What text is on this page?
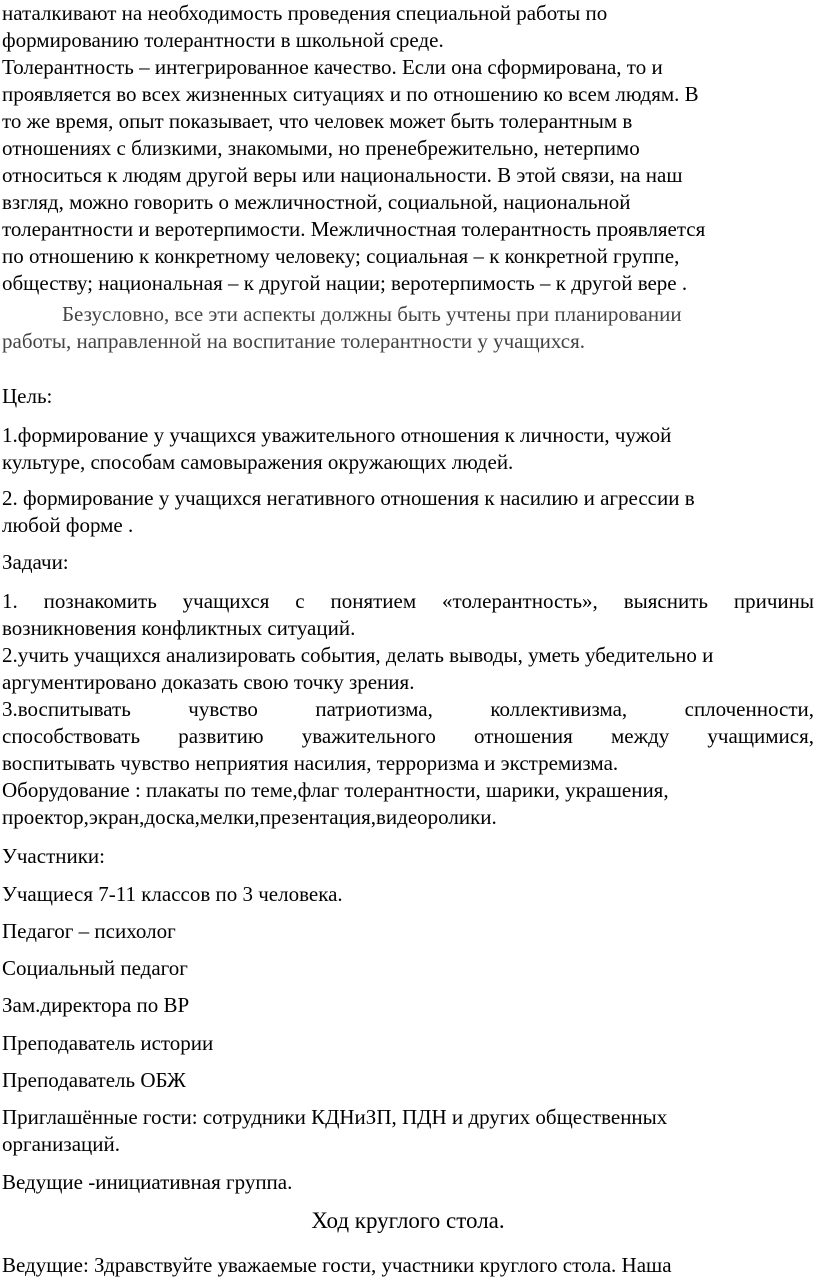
наталкивают на необходимость проведения специальной работы по
формированию толерантности в школьной среде.

Толерантность – интегрированное качество. Если она сформирована, то и
проявляется во всех жизненных ситуациях и по отношению ко всем людям. В
то же время, опыт показывает, что человек может быть толерантным в
отношениях с близкими, знакомыми, но пренебрежительно, нетерпимо
относиться к людям другой веры или национальности. В этой связи, на наш
взгляд, можно говорить о межличностной, социальной, национальной
толерантности и веротерпимости. Межличностная толерантность проявляется
по отношению к конкретному человеку; социальная – к конкретной группе,
обществу; национальная – к другой нации; веротерпимость – к другой вере .

Безусловно, все эти аспекты должны быть учтены при планировании
работы, направленной на воспитание толерантности у учащихся.

Цель:

1.формирование у учащихся уважительного отношения к личности, чужой
культуре, способам самовыражения окружающих людей.

2. формирование у учащихся негативного отношения к насилию и агрессии в
любой форме .

Задачи:

1. познакомить учащихся с понятием «толерантность», выяснить причины
возникновения конфликтных ситуаций.

2.учить учащихся анализировать события, делать выводы, уметь убедительно и
аргументировано доказать свою точку зрения.

3.воспитывать чувство патриотизма, коллективизма, сплоченности,
способствовать развитию уважительного отношения между учащимися,
воспитывать чувство неприятия насилия, терроризма и экстремизма.

Оборудование : плакаты по теме,флаг толерантности, шарики, украшения,
проектор,экран,доска,мелки,презентация,видеоролики.

Участники:

Учащиеся 7-11 классов по 3 человека.

Педагог – психолог

Социальный педагог

Зам.директора по ВР

Преподаватель истории

Преподаватель ОБЖ

Приглашённые гости: сотрудники КДНиЗП, ПДН и других общественных
организаций.

Ведущие -инициативная группа.

Ход круглого стола.

Ведущие: Здравствуйте уважаемые гости, участники круглого стола. Наша
